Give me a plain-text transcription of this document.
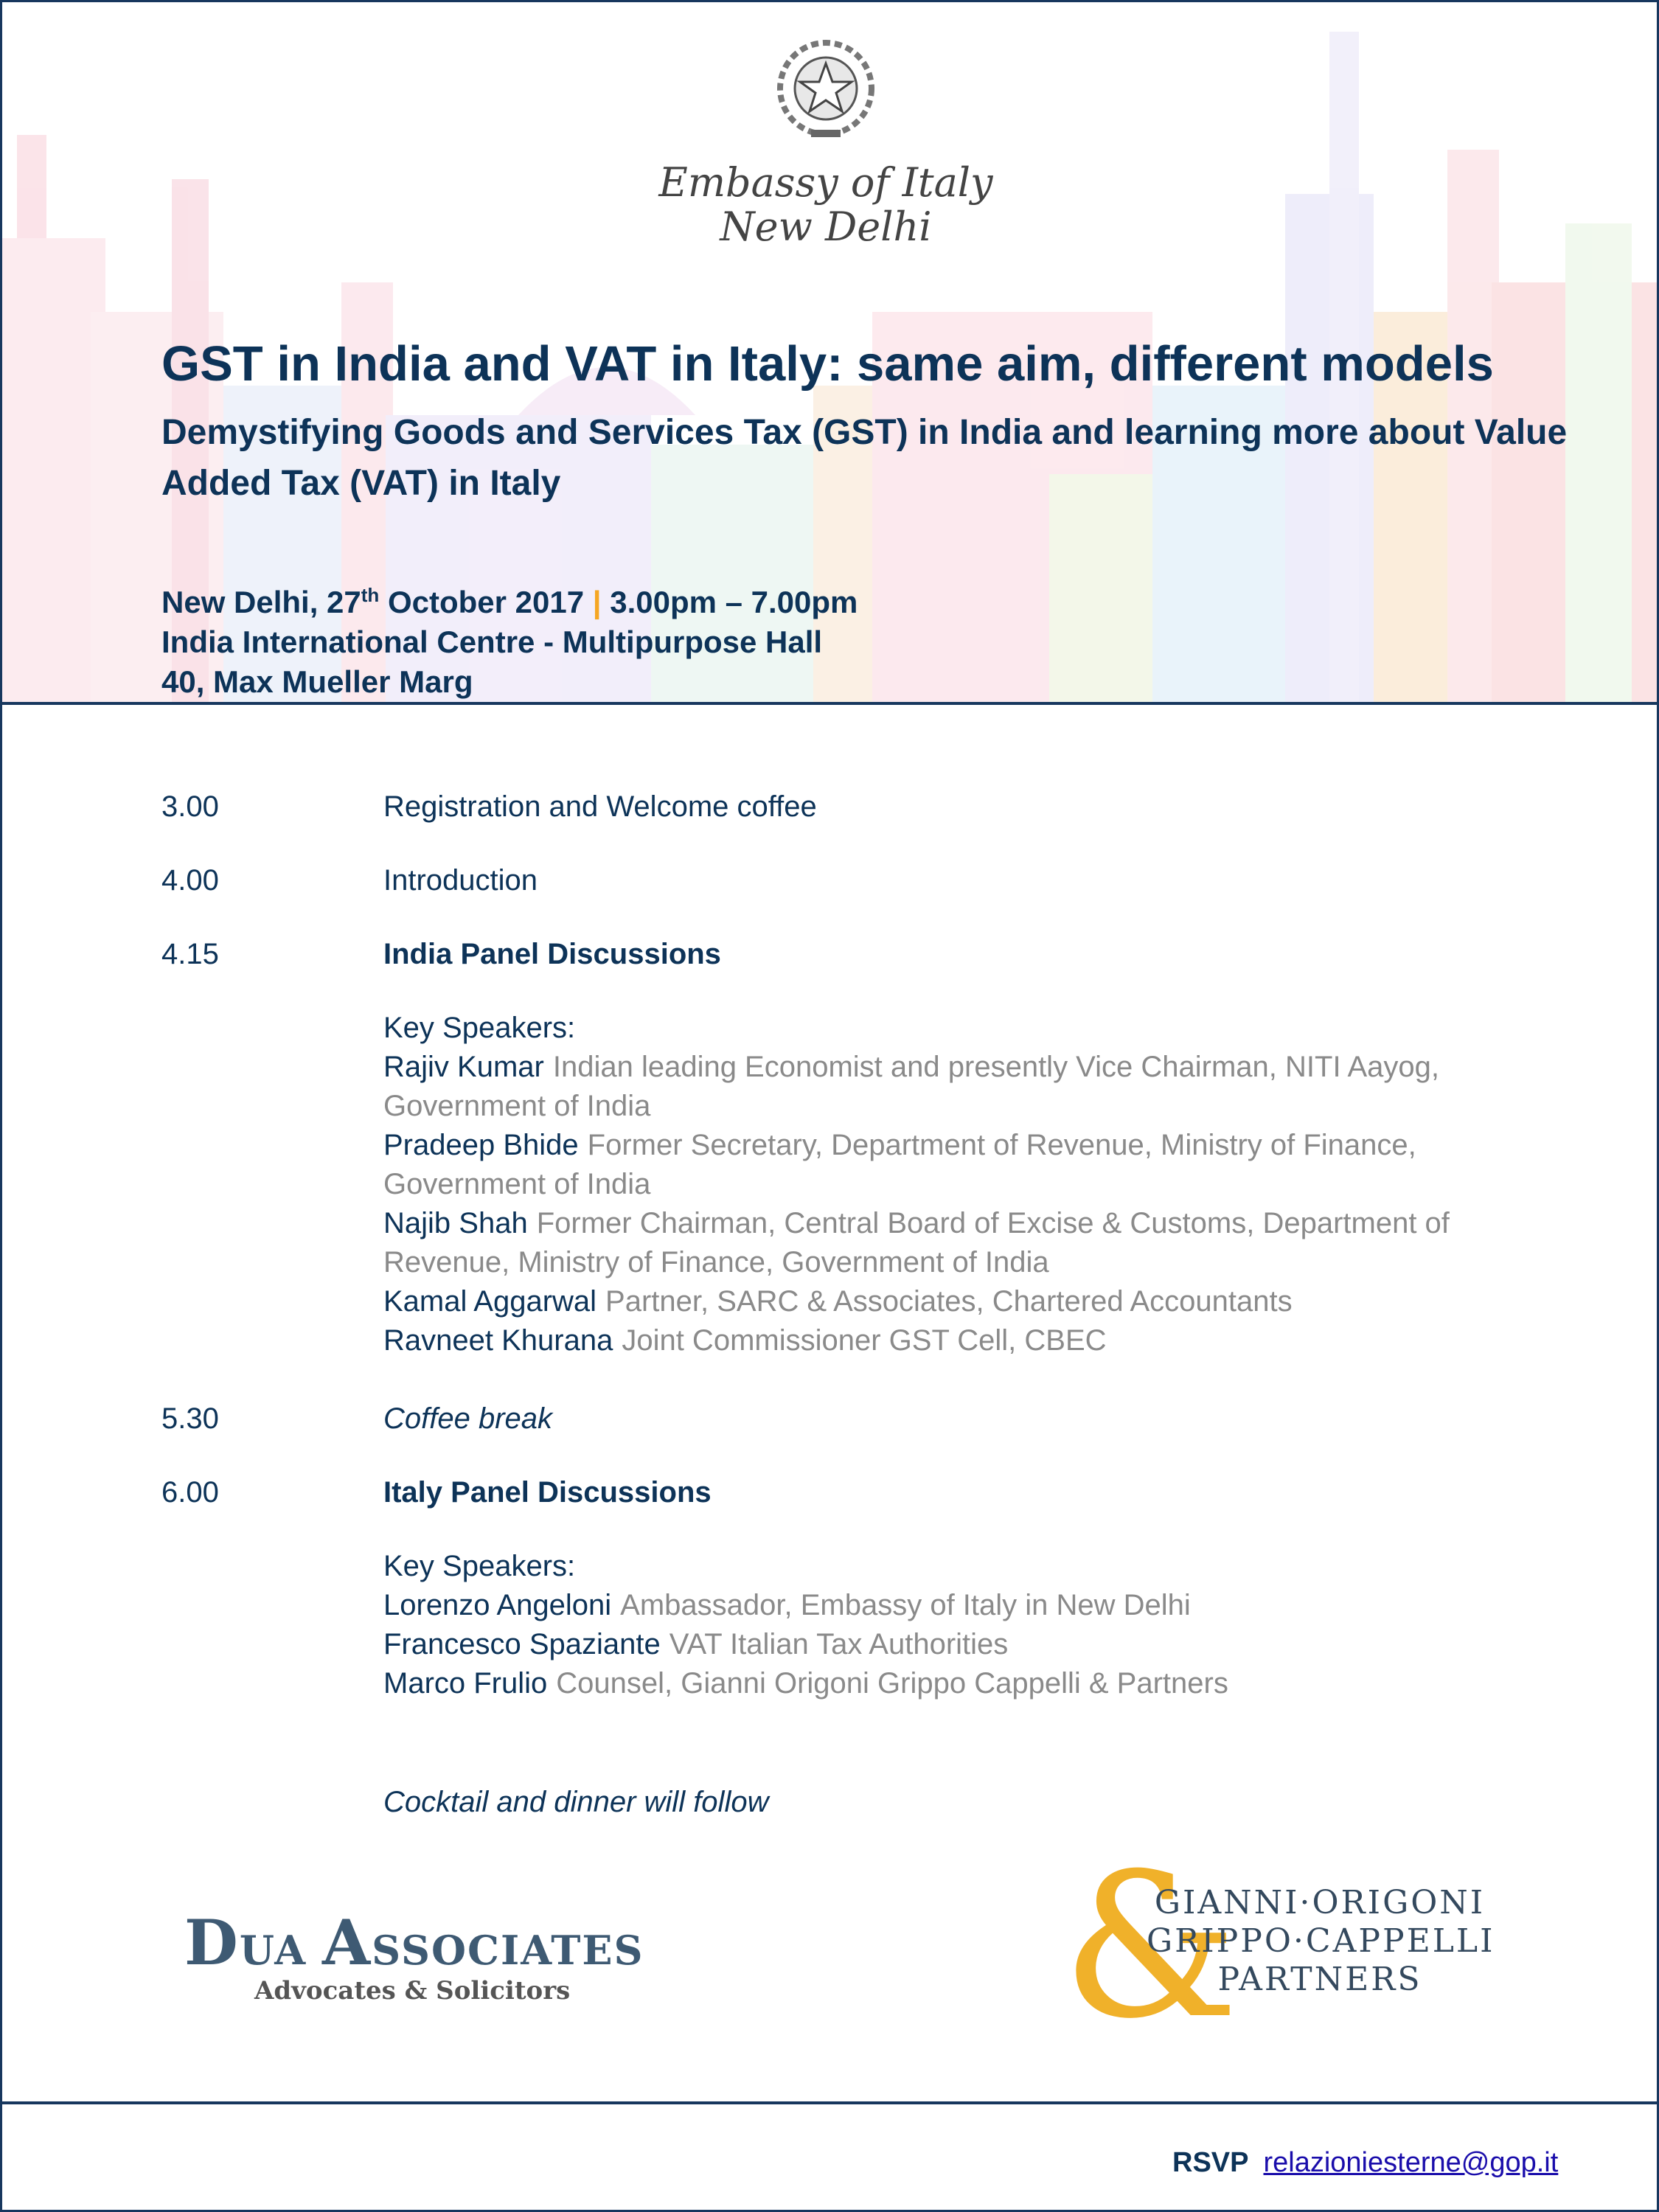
Embassy of Italy
New Delhi
GST in India and VAT in Italy: same aim, different models
Demystifying Goods and Services Tax (GST) in India and learning more about Value Added Tax (VAT) in Italy
New Delhi, 27th October 2017 | 3.00pm – 7.00pm
India International Centre - Multipurpose Hall
40, Max Mueller Marg
3.00	Registration and Welcome coffee
4.00	Introduction
4.15	India Panel Discussions
Key Speakers:
Rajiv Kumar Indian leading Economist and presently Vice Chairman, NITI Aayog, Government of India
Pradeep Bhide Former Secretary, Department of Revenue, Ministry of Finance, Government of India
Najib Shah Former Chairman, Central Board of Excise & Customs, Department of Revenue, Ministry of Finance, Government of India
Kamal Aggarwal Partner, SARC & Associates, Chartered Accountants
Ravneet Khurana Joint Commissioner GST Cell, CBEC
5.30	Coffee break
6.00	Italy Panel Discussions
Key Speakers:
Lorenzo Angeloni Ambassador, Embassy of Italy in New Delhi
Francesco Spaziante VAT Italian Tax Authorities
Marco Frulio Counsel, Gianni Origoni Grippo Cappelli & Partners
Cocktail and dinner will follow
DUA ASSOCIATES
Advocates & Solicitors &
GIANNI·ORIGONI
GRIPPO·CAPPELLI
PARTNERS
RSVP relazioniesterne@gop.it
